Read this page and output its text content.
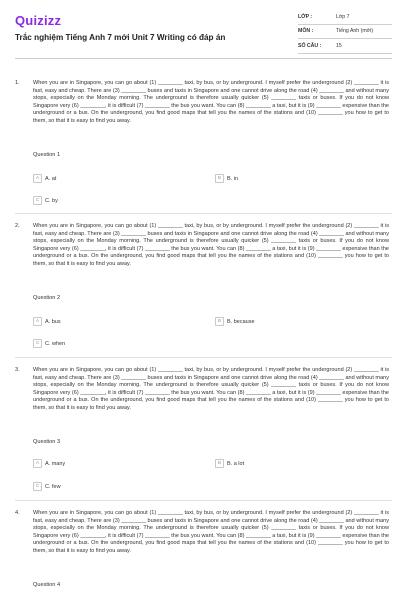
Quizizz
Trắc nghiệm Tiếng Anh 7 mới Unit 7 Writing có đáp án
LỚP :	Lớp 7
MÔN :	Tiếng Anh (mới)
SỐ CÂU :	15
1. When you are in Singapore, you can go about (1) ________ taxi, by bus, or by underground. I myself prefer the underground (2) ________ it is fast, easy and cheap. There are (3) ________ buses and taxis in Singapore and one cannot drive along the road (4) ________ and without many stops, especially on the Monday morning. The underground is therefore usually quicker (5) ________ taxis or buses. If you do not know Singapore very (6) ________, it is difficult (7) ________ the bus you want. You can (8) ________ a taxi, but it is (9) ________ expensive than the underground or a bus. On the underground, you find good maps that tell you the names of the stations and (10) ________ you how to get to them, so that it is easy to find you away.
Question 1
A	A. at	B	B. in
C	C. by
2. When you are in Singapore, you can go about (1) ________ taxi, by bus, or by underground. I myself prefer the underground (2) ________ it is fast, easy and cheap. There are (3) ________ buses and taxis in Singapore and one cannot drive along the road (4) ________ and without many stops, especially on the Monday morning. The underground is therefore usually quicker (5) ________ taxis or buses. If you do not know Singapore very (6) ________, it is difficult (7) ________ the bus you want. You can (8) ________ a taxi, but it is (9) ________ expensive than the underground or a bus. On the underground, you find good maps that tell you the names of the stations and (10) ________ you how to get to them, so that it is easy to find you away.
Question 2
A	A. bus	B	B. because
C	C. when
3. When you are in Singapore, you can go about (1) ________ taxi, by bus, or by underground. I myself prefer the underground (2) ________ it is fast, easy and cheap. There are (3) ________ buses and taxis in Singapore and one cannot drive along the road (4) ________ and without many stops, especially on the Monday morning. The underground is therefore usually quicker (5) ________ taxis or buses. If you do not know Singapore very (6) ________, it is difficult (7) ________ the bus you want. You can (8) ________ a taxi, but it is (9) ________ expensive than the underground or a bus. On the underground, you find good maps that tell you the names of the stations and (10) ________ you how to get to them, so that it is easy to find you away.
Question 3
A	A. many	B	B. a lot
C	C. few
4. When you are in Singapore, you can go about (1) ________ taxi, by bus, or by underground. I myself prefer the underground (2) ________ it is fast, easy and cheap. There are (3) ________ buses and taxis in Singapore and one cannot drive along the road (4) ________ and without many stops, especially on the Monday morning. The underground is therefore usually quicker (5) ________ taxis or buses. If you do not know Singapore very (6) ________, it is difficult (7) ________ the bus you want. You can (8) ________ a taxi, but it is (9) ________ expensive than the underground or a bus. On the underground, you find good maps that tell you the names of the stations and (10) ________ you how to get to them, so that it is easy to find you away.
Question 4
